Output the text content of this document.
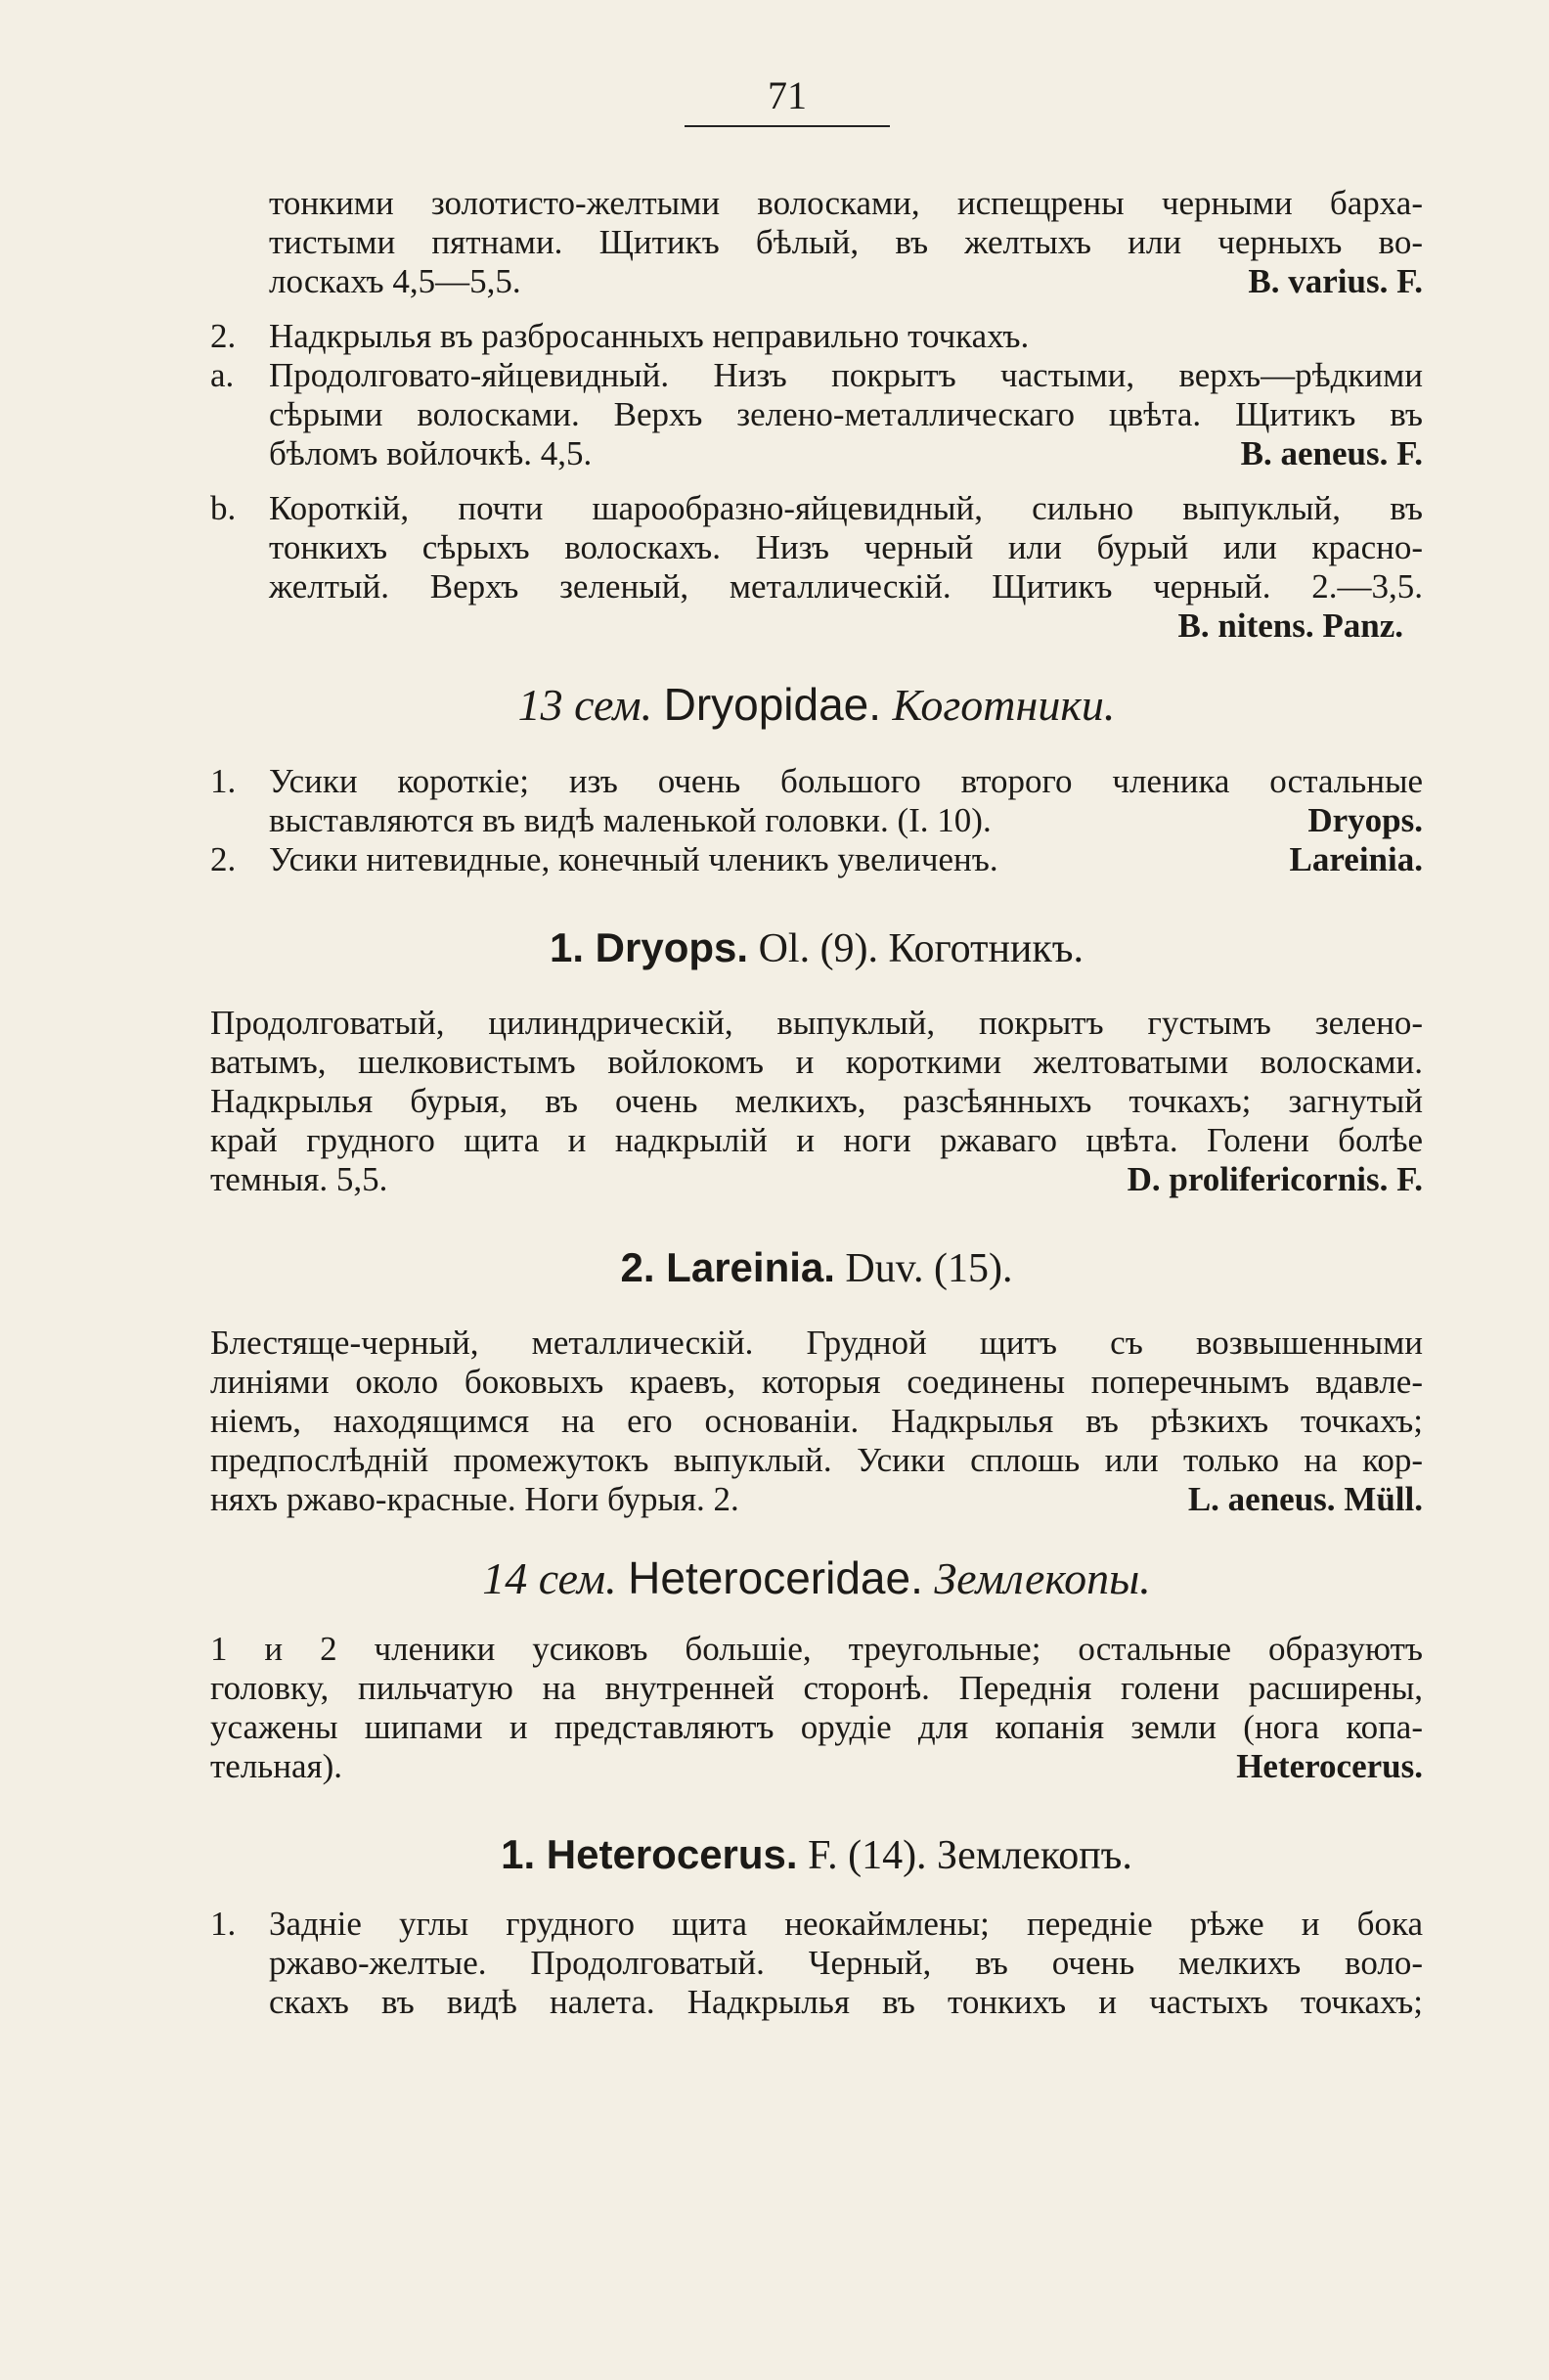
71
тонкими золотисто-желтыми волосками, испещрены черными барха-
тистыми пятнами. Щитикъ бѣлый, въ желтыхъ или черныхъ во-
лоскахъ 4,5—5,5.	B. varius. F.
2. Надкрылья въ разбросанныхъ неправильно точкахъ.
a. Продолговато-яйцевидный. Низъ покрытъ частыми, верхъ—рѣдкими
сѣрыми волосками. Верхъ зелено-металлическаго цвѣта. Щитикъ въ
бѣломъ войлочкѣ. 4,5.	B. aeneus. F.
b. Короткій, почти шарообразно-яйцевидный, сильно выпуклый, въ
тонкихъ сѣрыхъ волоскахъ. Низъ черный или бурый или красно-
желтый. Верхъ зеленый, металлическій. Щитикъ черный. 2.—3,5.
B. nitens. Panz.
13 сем. Dryopidae. Коготники.
1. Усики короткіе; изъ очень большого второго членика остальные
выставляются въ видѣ маленькой головки. (I. 10).	Dryops.
2. Усики нитевидные, конечный члeникъ увеличенъ.	Lareinia.
1. Dryops. Ol. (9). Коготникъ.
Продолговатый, цилиндрическій, выпуклый, покрытъ густымъ зелено-
ватымъ, шелковистымъ войлокомъ и короткими желтоватыми волосками.
Надкрылья бурыя, въ очень мелкихъ, разсѣянныхъ точкахъ; загнутый
край грудного щита и надкрылій и ноги ржаваго цвѣта. Голени болѣе
темныя. 5,5.	D. prolifericornis. F.
2. Lareinia. Duv. (15).
Блестяще-черный, металлическій. Грудной щитъ съ возвышенными
линіями около боковыхъ краевъ, которыя соединены поперечнымъ вдавле-
ніемъ, находящимся на его основаніи. Надкрылья въ рѣзкихъ точкахъ;
предпослѣдній промежутокъ выпуклый. Усики сплошь или только на кор-
няхъ ржаво-красные. Ноги бурыя. 2.	L. aeneus. Müll.
14 сем. Heteroceridae. Землекопы.
1 и 2 членики усиковъ большіе, треугольные; остальные образуютъ
головку, пильчатую на внутренней сторонѣ. Переднія голени расширены,
усажены шипами и представляютъ орудіе для копанія земли (нога копа-
тельная).	Heterocerus.
1. Heterocerus. F. (14). Землекопъ.
1. Задніе углы грудного щита неокаймлены; передніе рѣже и бока
ржаво-желтые. Продолговатый. Черный, въ очень мелкихъ воло-
скахъ въ видѣ налета. Надкрылья въ тонкихъ и частыхъ точкахъ;
